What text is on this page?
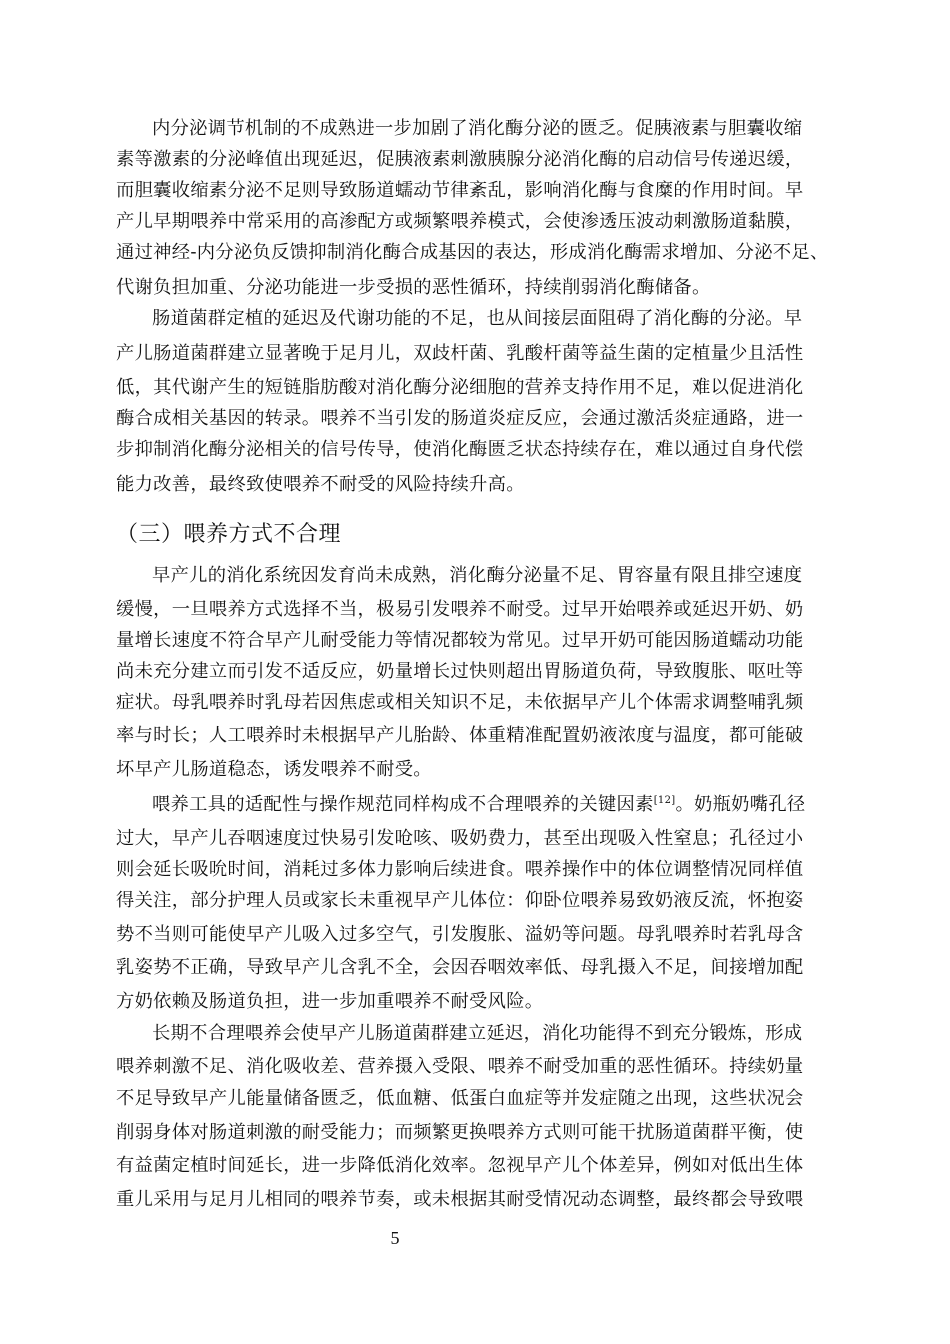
内分泌调节机制的不成熟进一步加剧了消化酶分泌的匮乏。促胰液素与胆囊收缩
素等激素的分泌峰值出现延迟，促胰液素刺激胰腺分泌消化酶的启动信号传递迟缓，
而胆囊收缩素分泌不足则导致肠道蠕动节律紊乱，影响消化酶与食糜的作用时间。早
产儿早期喂养中常采用的高渗配方或频繁喂养模式，会使渗透压波动刺激肠道黏膜，
通过神经-内分泌负反馈抑制消化酶合成基因的表达，形成消化酶需求增加、分泌不足、
代谢负担加重、分泌功能进一步受损的恶性循环，持续削弱消化酶储备。
肠道菌群定植的延迟及代谢功能的不足，也从间接层面阻碍了消化酶的分泌。早
产儿肠道菌群建立显著晚于足月儿，双歧杆菌、乳酸杆菌等益生菌的定植量少且活性
低，其代谢产生的短链脂肪酸对消化酶分泌细胞的营养支持作用不足，难以促进消化
酶合成相关基因的转录。喂养不当引发的肠道炎症反应，会通过激活炎症通路，进一
步抑制消化酶分泌相关的信号传导，使消化酶匮乏状态持续存在，难以通过自身代偿
能力改善，最终致使喂养不耐受的风险持续升高。
（三）喂养方式不合理
早产儿的消化系统因发育尚未成熟，消化酶分泌量不足、胃容量有限且排空速度
缓慢，一旦喂养方式选择不当，极易引发喂养不耐受。过早开始喂养或延迟开奶、奶
量增长速度不符合早产儿耐受能力等情况都较为常见。过早开奶可能因肠道蠕动功能
尚未充分建立而引发不适反应，奶量增长过快则超出胃肠道负荷，导致腹胀、呕吐等
症状。母乳喂养时乳母若因焦虑或相关知识不足，未依据早产儿个体需求调整哺乳频
率与时长；人工喂养时未根据早产儿胎龄、体重精准配置奶液浓度与温度，都可能破
坏早产儿肠道稳态，诱发喂养不耐受。
喂养工具的适配性与操作规范同样构成不合理喂养的关键因素[12]。奶瓶奶嘴孔径
过大，早产儿吞咽速度过快易引发呛咳、吸奶费力，甚至出现吸入性窒息；孔径过小
则会延长吸吮时间，消耗过多体力影响后续进食。喂养操作中的体位调整情况同样值
得关注，部分护理人员或家长未重视早产儿体位：仰卧位喂养易致奶液反流，怀抱姿
势不当则可能使早产儿吸入过多空气，引发腹胀、溢奶等问题。母乳喂养时若乳母含
乳姿势不正确，导致早产儿含乳不全，会因吞咽效率低、母乳摄入不足，间接增加配
方奶依赖及肠道负担，进一步加重喂养不耐受风险。
长期不合理喂养会使早产儿肠道菌群建立延迟，消化功能得不到充分锻炼，形成
喂养刺激不足、消化吸收差、营养摄入受限、喂养不耐受加重的恶性循环。持续奶量
不足导致早产儿能量储备匮乏，低血糖、低蛋白血症等并发症随之出现，这些状况会
削弱身体对肠道刺激的耐受能力；而频繁更换喂养方式则可能干扰肠道菌群平衡，使
有益菌定植时间延长，进一步降低消化效率。忽视早产儿个体差异，例如对低出生体
重儿采用与足月儿相同的喂养节奏，或未根据其耐受情况动态调整，最终都会导致喂
5
